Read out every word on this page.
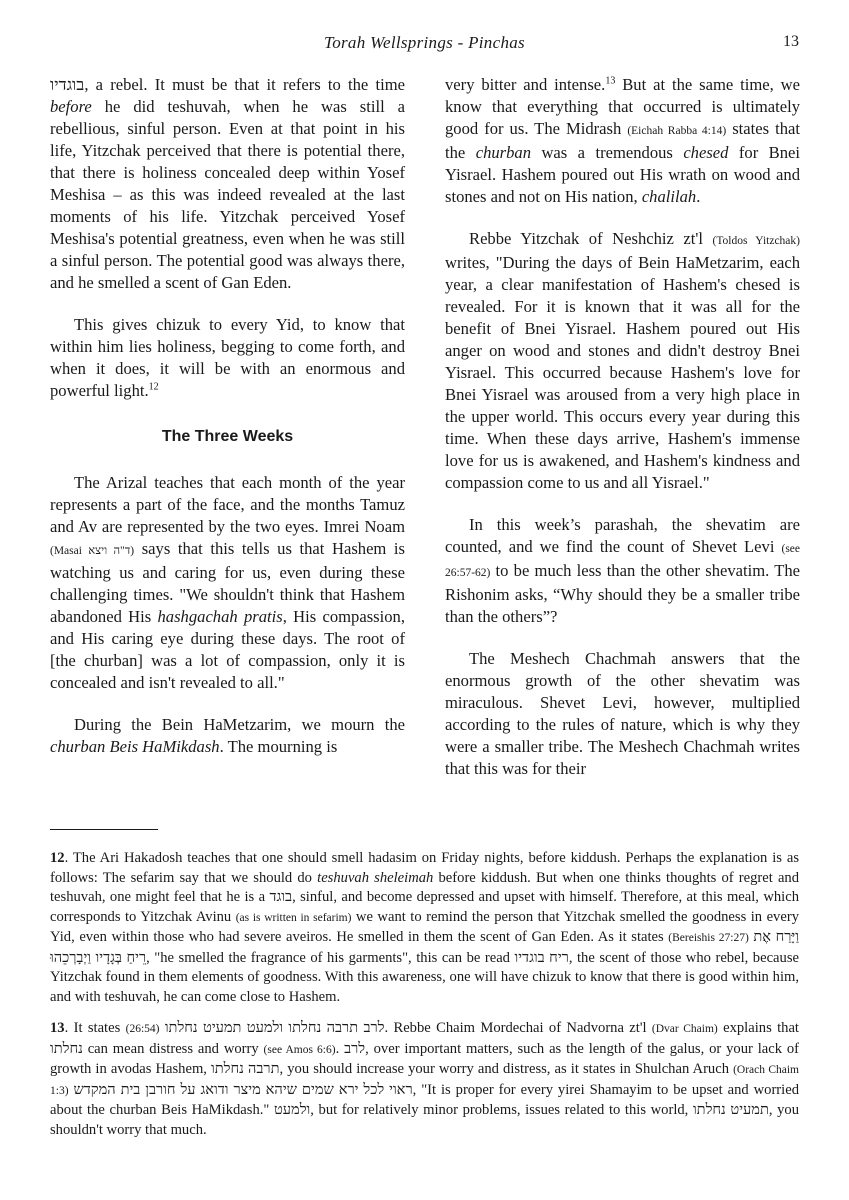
Torah Wellsprings - Pinchas	13

בוגדיו, a rebel. It must be that it refers to the time before he did teshuvah, when he was still a rebellious, sinful person. Even at that point in his life, Yitzchak perceived that there is potential there, that there is holiness concealed deep within Yosef Meshisa – as this was indeed revealed at the last moments of his life. Yitzchak perceived Yosef Meshisa's potential greatness, even when he was still a sinful person. The potential good was always there, and he smelled a scent of Gan Eden.

This gives chizuk to every Yid, to know that within him lies holiness, begging to come forth, and when it does, it will be with an enormous and powerful light.$^{12}$

The Three Weeks

The Arizal teaches that each month of the year represents a part of the face, and the months Tamuz and Av are represented by the two eyes. Imrei Noam (Masai ד"ה ויצא) says that this tells us that Hashem is watching us and caring for us, even during these challenging times. "We shouldn't think that Hashem abandoned His hashgachah pratis, His compassion, and His caring eye during these days. The root of [the churban] was a lot of compassion, only it is concealed and isn't revealed to all."

During the Bein HaMetzarim, we mourn the churban Beis HaMikdash. The mourning is

very bitter and intense.$^{13}$ But at the same time, we know that everything that occurred is ultimately good for us. The Midrash (Eichah Rabba 4:14) states that the churban was a tremendous chesed for Bnei Yisrael. Hashem poured out His wrath on wood and stones and not on His nation, chalilah.

Rebbe Yitzchak of Neshchiz zt'l (Toldos Yitzchak) writes, "During the days of Bein HaMetzarim, each year, a clear manifestation of Hashem's chesed is revealed. For it is known that it was all for the benefit of Bnei Yisrael. Hashem poured out His anger on wood and stones and didn't destroy Bnei Yisrael. This occurred because Hashem's love for Bnei Yisrael was aroused from a very high place in the upper world. This occurs every year during this time. When these days arrive, Hashem's immense love for us is awakened, and Hashem's kindness and compassion come to us and all Yisrael."

In this week’s parashah, the shevatim are counted, and we find the count of Shevet Levi (see 26:57-62) to be much less than the other shevatim. The Rishonim asks, “Why should they be a smaller tribe than the others”?

The Meshech Chachmah answers that the enormous growth of the other shevatim was miraculous. Shevet Levi, however, multiplied according to the rules of nature, which is why they were a smaller tribe. The Meshech Chachmah writes that this was for their

12. The Ari Hakadosh teaches that one should smell hadasim on Friday nights, before kiddush. Perhaps the explanation is as follows: The sefarim say that we should do teshuvah sheleimah before kiddush. But when one thinks thoughts of regret and teshuvah, one might feel that he is a בוגד, sinful, and become depressed and upset with himself. Therefore, at this meal, which corresponds to Yitzchak Avinu (as is written in sefarim) we want to remind the person that Yitzchak smelled the goodness in every Yid, even within those who had severe aveiros. He smelled in them the scent of Gan Eden. As it states (Bereishis 27:27) וַיָּרַח אֶת רֵיחַ בְּגָדָיו וַיְבָרְכֵהוּ, "he smelled the fragrance of his garments", this can be read ריח בוגדיו, the scent of those who rebel, because Yitzchak found in them elements of goodness. With this awareness, one will have chizuk to know that there is good within him, and with teshuvah, he can come close to Hashem.

13. It states (26:54) לרב תרבה נחלתו ולמעט תמעיט נחלתו. Rebbe Chaim Mordechai of Nadvorna zt'l (Dvar Chaim) explains that נחלתו can mean distress and worry (see Amos 6:6). לרב, over important matters, such as the length of the galus, or your lack of growth in avodas Hashem, תרבה נחלתו, you should increase your worry and distress, as it states in Shulchan Aruch (Orach Chaim 1:3) ראוי לכל ירא שמים שיהא מיצר ודואג על חורבן בית המקדש, "It is proper for every yirei Shamayim to be upset and worried about the churban Beis HaMikdash." ולמעט, but for relatively minor problems, issues related to this world, תמעיט נחלתו, you shouldn't worry that much.
